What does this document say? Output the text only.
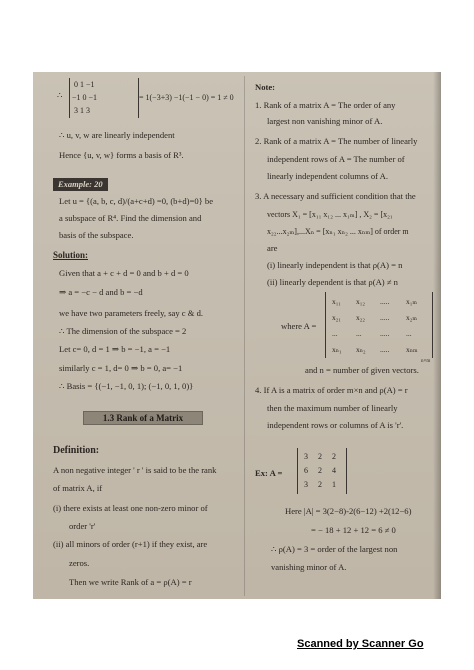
∴
0 1 −1
−1 0 −1
3 1 3
= 1(−3+3) −1(−1 − 0) = 1 ≠ 0
∴ u, v, w are linearly independent
Hence {u, v, w} forms a basis of R³.
Example: 20
Let u = {(a, b, c, d)/(a+c+d) =0, (b+d)=0} be
a subspace of R⁴. Find the dimension and
basis of the subspace.
Solution:
Given that a + c + d = 0 and b + d = 0
⇒ a = −c − d and b = −d
we have two parameters freely, say c & d.
∴ The dimension of the subspace = 2
Let c= 0, d = 1 ⇒ b = −1, a = −1
similarly c = 1, d= 0 ⇒ b = 0, a= −1
∴ Basis = {(−1, −1, 0, 1); (−1, 0, 1, 0)}
1.3 Rank of a Matrix
Definition:
A non negative integer ' r ' is said to be the rank
of matrix A, if
(i) there exists at least one non-zero minor of
order 'r'
(ii) all minors of order (r+1) if they exist, are
zeros.
Then we write Rank of a = ρ(A) = r
Note:
1. Rank of a matrix A = The order of any
largest non vanishing minor of A.
2. Rank of a matrix A = The number of linearly
independent rows of A = The number of
linearly independent columns of A.
3. A necessary and sufficient condition that the
vectors X₁ = [x₁₁ x₁₂ ... x₁ₘ] , X₂ = [x₂₁
x₂₂...x₂ₘ],...Xₙ = [xₙ₁ xₙ₂ ... xₙₘ] of order m
are
(i) linearly independent is that ρ(A) = n
(ii) linearly dependent is that ρ(A) ≠ n
where A =
x₁₁ x₁₂ ..... x₁ₘ
x₂₁ x₂₂ ..... x₂ₘ
... ... ..... ...
xₙ₁ xₙ₂ ..... xₙₘ
n×m
and n = number of given vectors.
4. If A is a matrix of order m×n and ρ(A) = r
then the maximum number of linearly
independent rows or columns of A is 'r'.
Ex: A =
3 2 2
6 2 4
3 2 1
Here |A| = 3(2−8)-2(6−12) +2(12−6)
= − 18 + 12 + 12 = 6 ≠ 0
∴ ρ(A) = 3 = order of the largest non
vanishing minor of A.
Scanned by Scanner Go
